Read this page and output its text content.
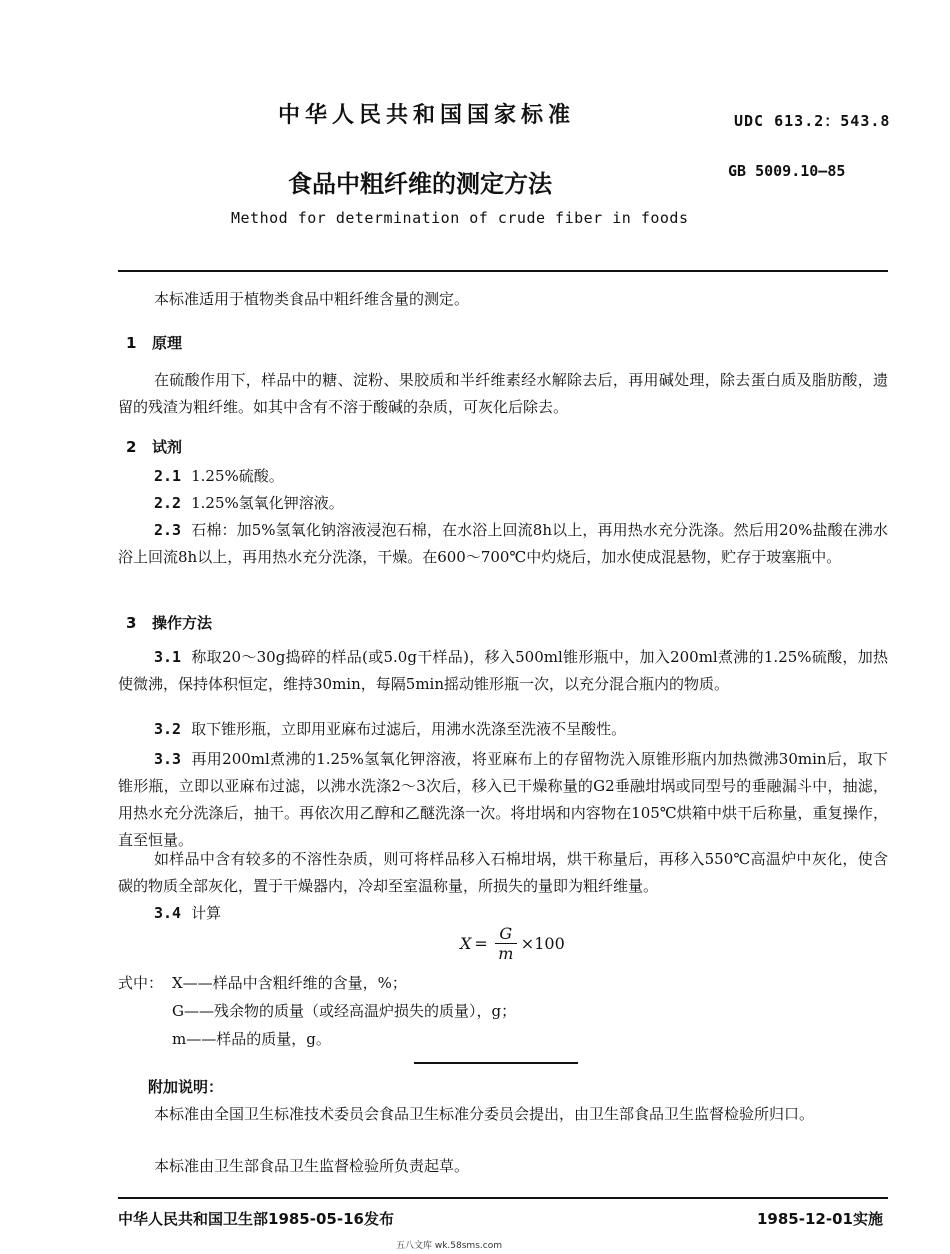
中华人民共和国国家标准	UDC 613.2：543.8
食品中粗纤维的测定方法	GB 5009.10—85
Method for determination of crude fiber in foods
本标准适用于植物类食品中粗纤维含量的测定。
1 原理
在硫酸作用下，样品中的糖、淀粉、果胶质和半纤维素经水解除去后，再用碱处理，除去蛋白质及脂肪酸，遗留的残渣为粗纤维。如其中含有不溶于酸碱的杂质，可灰化后除去。
2 试剂
2.1 1.25%硫酸。
2.2 1.25%氢氧化钾溶液。
2.3 石棉：加5%氢氧化钠溶液浸泡石棉，在水浴上回流8h以上，再用热水充分洗涤。然后用20%盐酸在沸水浴上回流8h以上，再用热水充分洗涤，干燥。在600～700℃中灼烧后，加水使成混悬物，贮存于玻塞瓶中。
3 操作方法
3.1 称取20～30g捣碎的样品(或5.0g干样品)，移入500ml锥形瓶中，加入200ml煮沸的1.25%硫酸，加热使微沸，保持体积恒定，维持30min，每隔5min摇动锥形瓶一次，以充分混合瓶内的物质。
3.2 取下锥形瓶，立即用亚麻布过滤后，用沸水洗涤至洗液不呈酸性。
3.3 再用200ml煮沸的1.25%氢氧化钾溶液，将亚麻布上的存留物洗入原锥形瓶内加热微沸30min后，取下锥形瓶，立即以亚麻布过滤，以沸水洗涤2～3次后，移入已干燥称量的G2垂融坩埚或同型号的垂融漏斗中，抽滤，用热水充分洗涤后，抽干。再依次用乙醇和乙醚洗涤一次。将坩埚和内容物在105℃烘箱中烘干后称量，重复操作，直至恒量。
如样品中含有较多的不溶性杂质，则可将样品移入石棉坩埚，烘干称量后，再移入550℃高温炉中灰化，使含碳的物质全部灰化，置于干燥器内，冷却至室温称量，所损失的量即为粗纤维量。
3.4 计算
$X = \frac{G}{m} \times 100$
式中： X——样品中含粗纤维的含量，%；
G——残余物的质量（或经高温炉损失的质量），g；
m——样品的质量，g。
附加说明：
本标准由全国卫生标准技术委员会食品卫生标准分委员会提出，由卫生部食品卫生监督检验所归口。
本标准由卫生部食品卫生监督检验所负责起草。
中华人民共和国卫生部1985-05-16发布	1985-12-01实施
五八文库 wk.58sms.com
